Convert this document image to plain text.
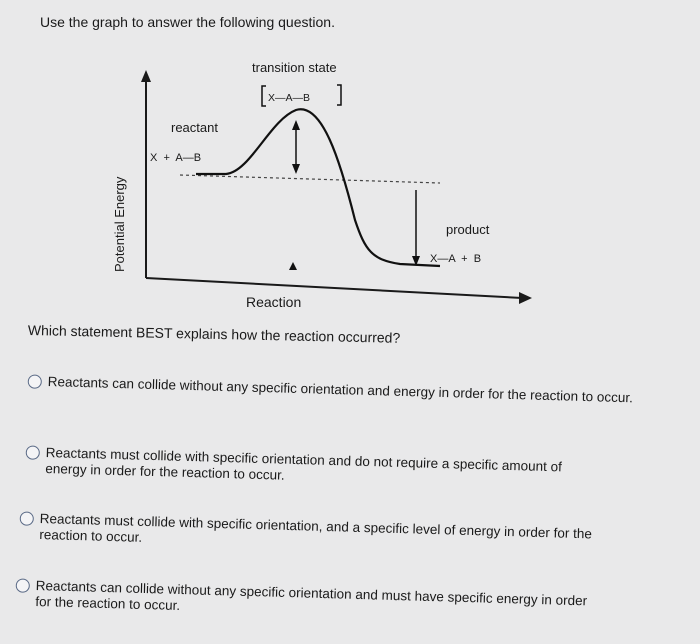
Use the graph to answer the following question.
Potential Energy
Reaction
transition state
X—A—B
reactant
X  +  A—B
product
X—A  +  B
Which statement BEST explains how the reaction occurred?
Reactants can collide without any specific orientation and energy in order for the reaction to occur.
Reactants must collide with specific orientation and do not require a specific amount of energy in order for the reaction to occur.
Reactants must collide with specific orientation, and a specific level of energy in order for the reaction to occur.
Reactants can collide without any specific orientation and must have specific energy in order for the reaction to occur.
